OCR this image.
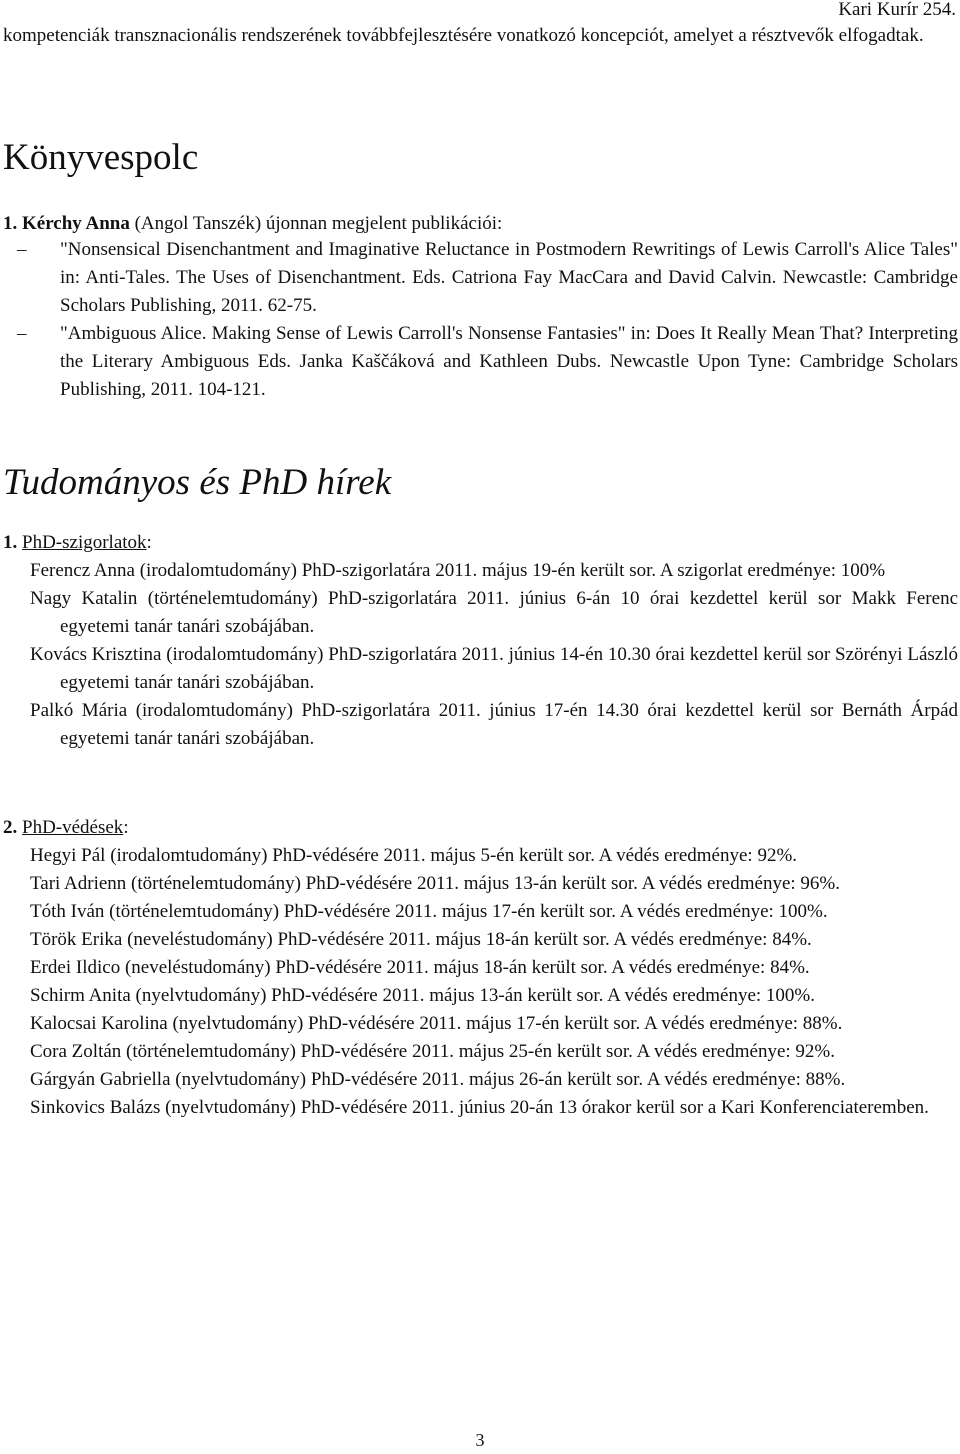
Kari Kurír 254.
kompetenciák transznacionális rendszerének továbbfejlesztésére vonatkozó koncepciót, amelyet a résztvevők elfogadtak.
Könyvespolc
1. Kérchy Anna (Angol Tanszék) újonnan megjelent publikációi:
– "Nonsensical Disenchantment and Imaginative Reluctance in Postmodern Rewritings of Lewis Carroll's Alice Tales" in: Anti-Tales. The Uses of Disenchantment. Eds. Catriona Fay MacCara and David Calvin. Newcastle: Cambridge Scholars Publishing, 2011. 62-75.
– "Ambiguous Alice. Making Sense of Lewis Carroll's Nonsense Fantasies" in: Does It Really Mean That? Interpreting the Literary Ambiguous Eds. Janka Kaščáková and Kathleen Dubs. Newcastle Upon Tyne: Cambridge Scholars Publishing, 2011. 104-121.
Tudományos és PhD hírek
1. PhD-szigorlatok:
Ferencz Anna (irodalomtudomány) PhD-szigorlatára 2011. május 19-én került sor. A szigorlat eredménye: 100%
Nagy Katalin (történelemtudomány) PhD-szigorlatára 2011. június 6-án 10 órai kezdettel kerül sor Makk Ferenc egyetemi tanár tanári szobájában.
Kovács Krisztina (irodalomtudomány) PhD-szigorlatára 2011. június 14-én 10.30 órai kezdettel kerül sor Szörényi László egyetemi tanár tanári szobájában.
Palkó Mária (irodalomtudomány) PhD-szigorlatára 2011. június 17-én 14.30 órai kezdettel kerül sor Bernáth Árpád egyetemi tanár tanári szobájában.
2. PhD-védések:
Hegyi Pál (irodalomtudomány) PhD-védésére 2011. május 5-én került sor. A védés eredménye: 92%.
Tari Adrienn (történelemtudomány) PhD-védésére 2011. május 13-án került sor. A védés eredménye: 96%.
Tóth Iván (történelemtudomány) PhD-védésére 2011. május 17-én került sor. A védés eredménye: 100%.
Török Erika (neveléstudomány) PhD-védésére 2011. május 18-án került sor. A védés eredménye: 84%.
Erdei Ildico (neveléstudomány) PhD-védésére 2011. május 18-án került sor. A védés eredménye: 84%.
Schirm Anita (nyelvtudomány) PhD-védésére 2011. május 13-án került sor. A védés eredménye: 100%.
Kalocsai Karolina (nyelvtudomány) PhD-védésére 2011. május 17-én került sor. A védés eredménye: 88%.
Cora Zoltán (történelemtudomány) PhD-védésére 2011. május 25-én került sor. A védés eredménye: 92%.
Gárgyán Gabriella (nyelvtudomány) PhD-védésére 2011. május 26-án került sor. A védés eredménye: 88%.
Sinkovics Balázs (nyelvtudomány) PhD-védésére 2011. június 20-án 13 órakor kerül sor a Kari Konferenciateremben.
3
